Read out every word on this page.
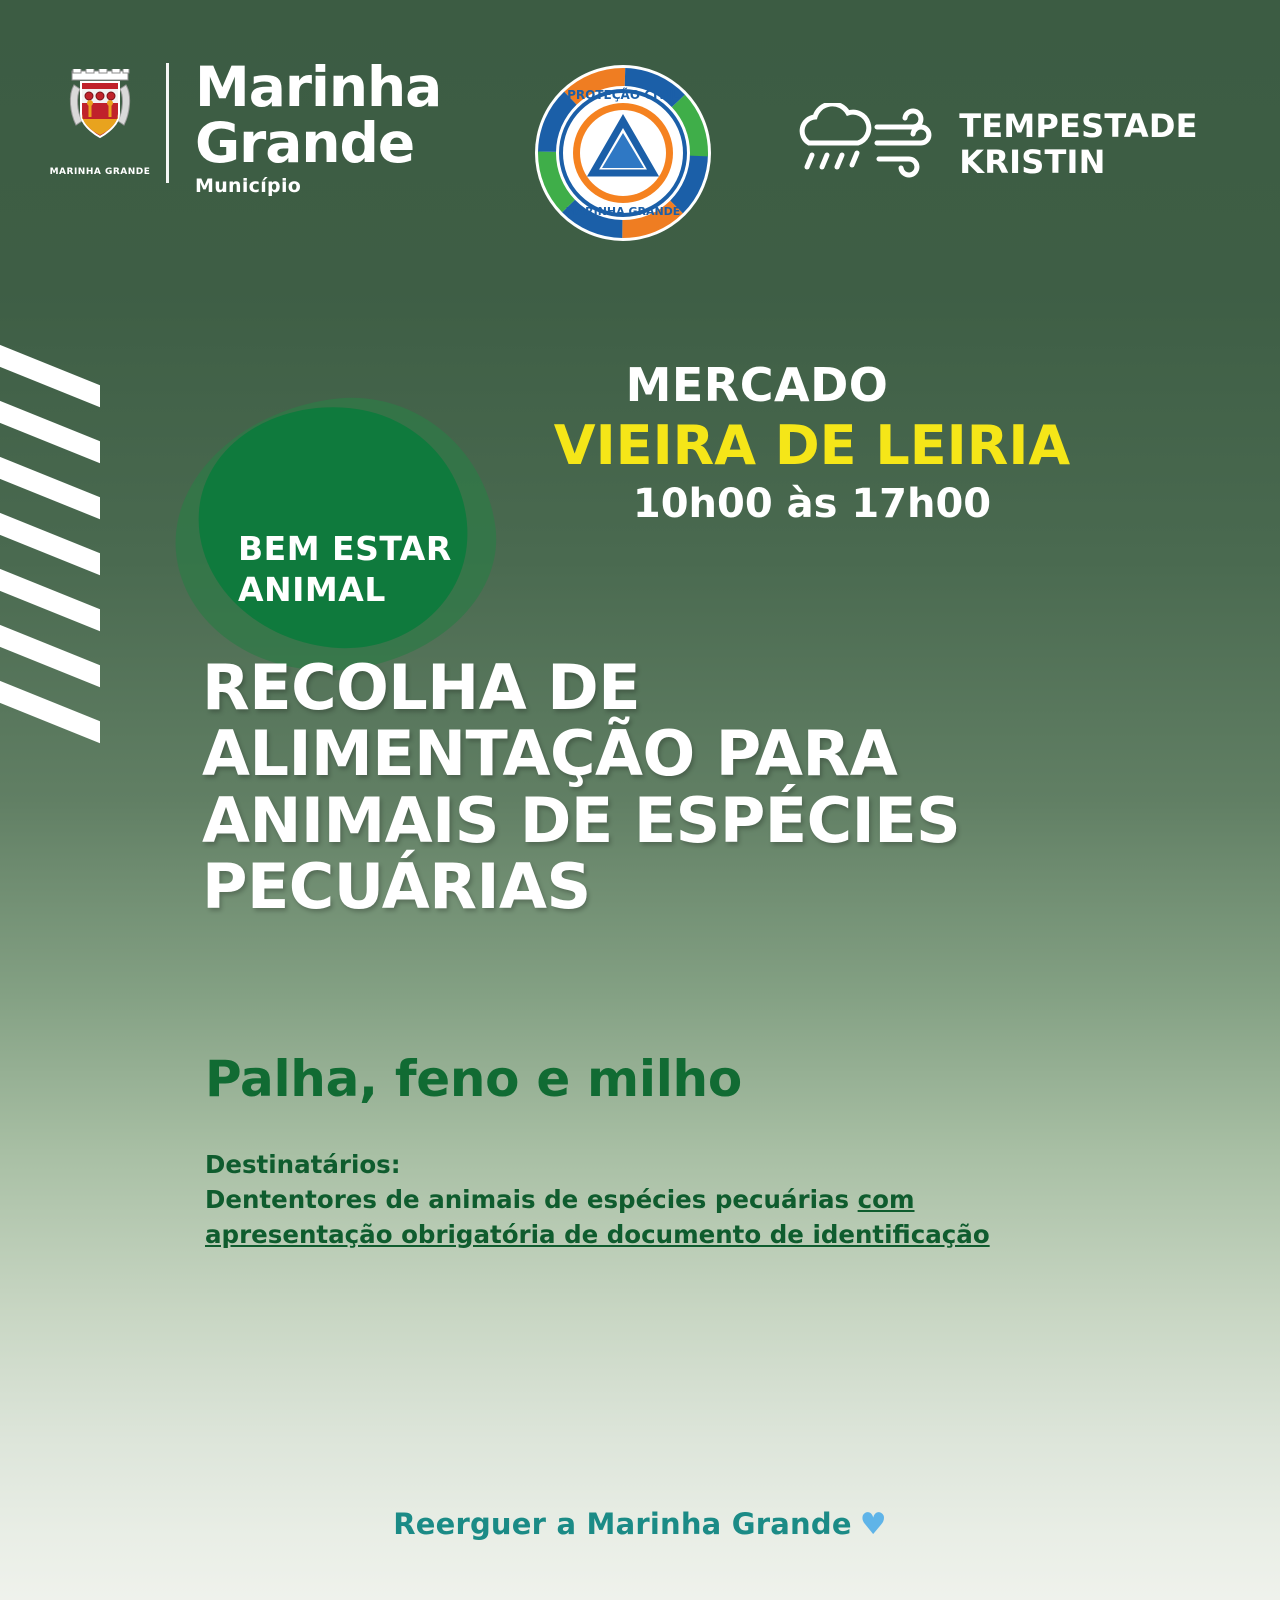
MARINHA GRANDE
Marinha
Grande
Município
PROTEÇÃO CIVIL
MARINHA GRANDE
TEMPESTADE
KRISTIN
MERCADO
VIEIRA DE LEIRIA
10h00 às 17h00
BEM ESTAR
ANIMAL
RECOLHA DE ALIMENTAÇÃO PARA ANIMAIS DE ESPÉCIES PECUÁRIAS
Palha, feno e milho
Destinatários:
Dententores de animais de espécies pecuárias com apresentação obrigatória de documento de identificação
Reerguer a Marinha Grande ♥
